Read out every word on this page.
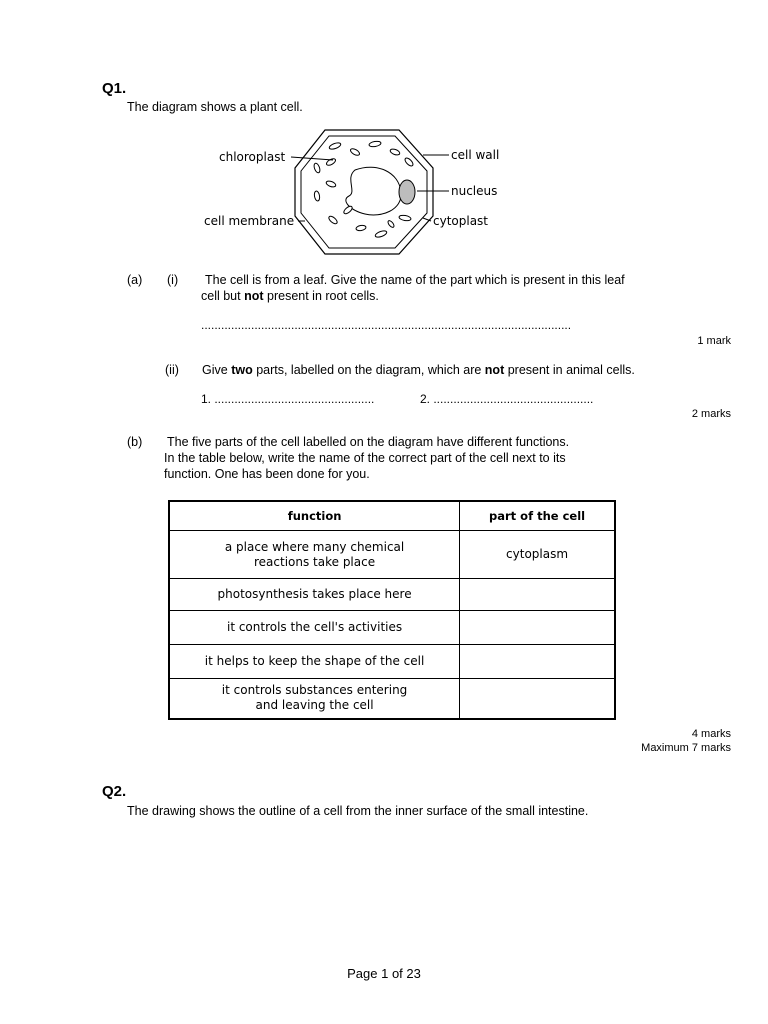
Q1.
The diagram shows a plant cell.
chloroplast	cell wall
nucleus
cell membrane	cytoplast
(a) (i) The cell is from a leaf. Give the name of the part which is present in this leaf
cell but not present in root cells.
...............................................................................................................
1 mark
(ii) Give two parts, labelled on the diagram, which are not present in animal cells.
1. ................................................	2. ................................................
2 marks
(b) The five parts of the cell labelled on the diagram have different functions.
In the table below, write the name of the correct part of the cell next to its
function. One has been done for you.
function	part of the cell
a place where many chemical
reactions take place	cytoplasm
photosynthesis takes place here	
it controls the cell's activities	
it helps to keep the shape of the cell	
it controls substances entering
and leaving the cell	
4 marks
Maximum 7 marks
Q2.
The drawing shows the outline of a cell from the inner surface of the small intestine.
Page 1 of 23
